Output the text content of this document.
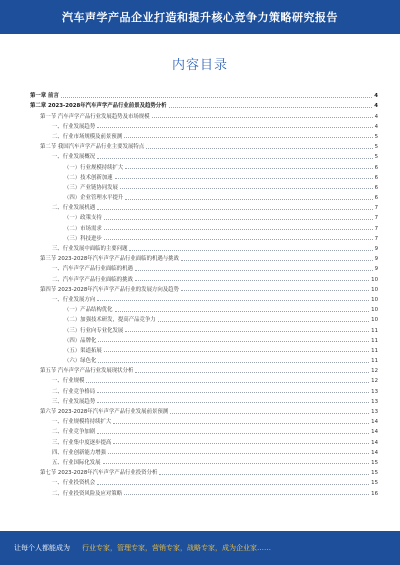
汽车声学产品企业打造和提升核心竞争力策略研究报告
内容目录
第一章 前言	4
第二章 2023-2028年汽车声学产品行业前景及趋势分析	4
第一节 汽车声学产品行业发展趋势及市场规模	4
一、行业发展趋势	4
二、行业市场规模及前景预测	5
第二节 我国汽车声学产品行业主要发展特点	5
一、行业发展概况	5
（一）行业规模持续扩大	6
（二）技术创新加速	6
（三）产业链协同发展	6
（四）企业管理水平提升	6
二、行业发展机遇	7
（一）政策支持	7
（二）市场需求	7
（三）科技进步	7
三、行业发展中面临的主要问题	9
第三节 2023-2028年汽车声学产品行业面临的机遇与挑战	9
一、汽车声学产品行业面临的机遇	9
二、汽车声学产品行业面临的挑战	10
第四节 2023-2028年汽车声学产品行业的发展方向及趋势	10
一、行业发展方向	10
（一）产品结构优化	10
（二）加强技术研发，提高产品竞争力	10
（三）行业向专业化发展	11
（四）品牌化	11
（五）渠道拓展	11
（六）绿色化	11
第五节 汽车声学产品行业发展现状分析	12
一、行业规模	12
二、行业竞争格局	13
三、行业发展趋势	13
第六节 2023-2028年汽车声学产品行业发展前景预测	13
一、行业规模将持续扩大	14
二、行业竞争加剧	14
三、行业集中度逐步提高	14
四、行业创新能力增强	14
五、行业国际化发展	15
第七节 2023-2028年汽车声学产品行业投资分析	15
一、行业投资机会	15
二、行业投资风险及应对策略	16
让每个人都能成为 行业专家，管理专家，营销专家，战略专家，成为企业家……
